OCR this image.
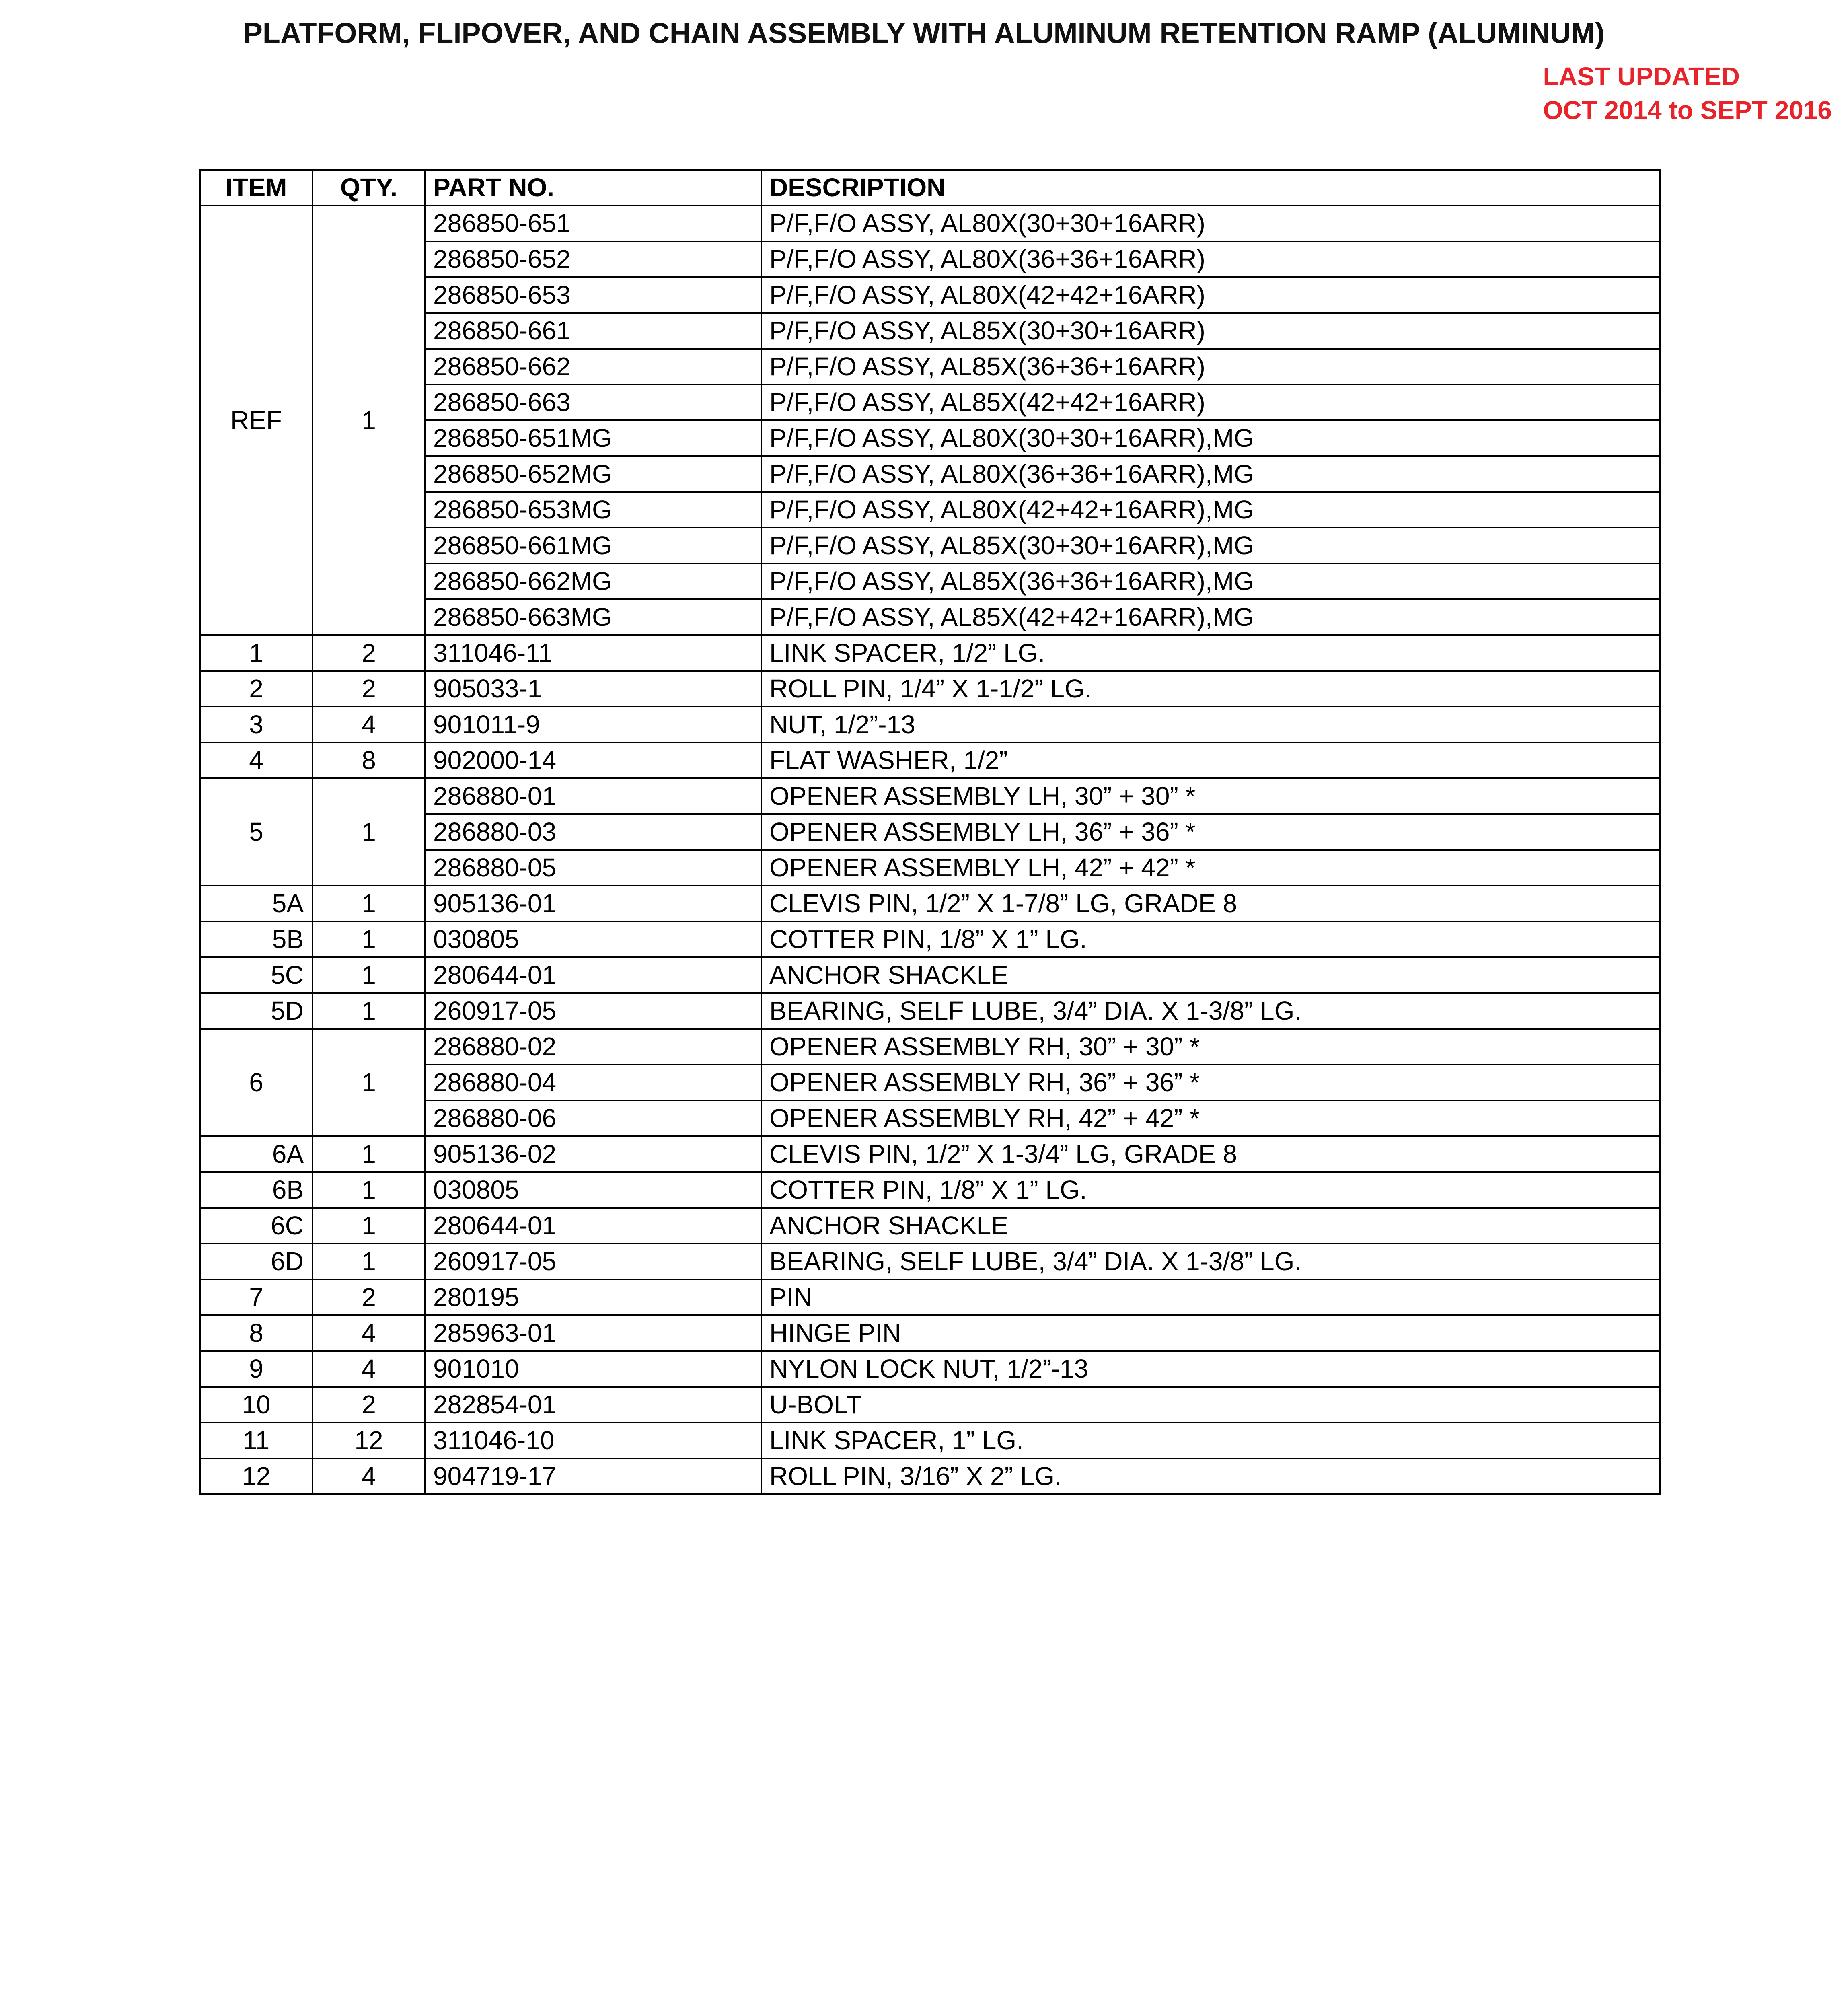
PLATFORM, FLIPOVER, AND CHAIN ASSEMBLY WITH ALUMINUM RETENTION RAMP (ALUMINUM)
LAST UPDATED
OCT 2014 to SEPT 2016
ITEM	QTY.	PART NO.	DESCRIPTION
REF	1	286850-651	P/F,F/O ASSY, AL80X(30+30+16ARR)
		286850-652	P/F,F/O ASSY, AL80X(36+36+16ARR)
		286850-653	P/F,F/O ASSY, AL80X(42+42+16ARR)
		286850-661	P/F,F/O ASSY, AL85X(30+30+16ARR)
		286850-662	P/F,F/O ASSY, AL85X(36+36+16ARR)
		286850-663	P/F,F/O ASSY, AL85X(42+42+16ARR)
		286850-651MG	P/F,F/O ASSY, AL80X(30+30+16ARR),MG
		286850-652MG	P/F,F/O ASSY, AL80X(36+36+16ARR),MG
		286850-653MG	P/F,F/O ASSY, AL80X(42+42+16ARR),MG
		286850-661MG	P/F,F/O ASSY, AL85X(30+30+16ARR),MG
		286850-662MG	P/F,F/O ASSY, AL85X(36+36+16ARR),MG
		286850-663MG	P/F,F/O ASSY, AL85X(42+42+16ARR),MG
1	2	311046-11	LINK SPACER, 1/2” LG.
2	2	905033-1	ROLL PIN, 1/4” X 1-1/2” LG.
3	4	901011-9	NUT, 1/2”-13
4	8	902000-14	FLAT WASHER, 1/2”
5	1	286880-01	OPENER ASSEMBLY LH, 30” + 30” *
		286880-03	OPENER ASSEMBLY LH, 36” + 36” *
		286880-05	OPENER ASSEMBLY LH, 42” + 42” *
5A	1	905136-01	CLEVIS PIN, 1/2” X 1-7/8” LG, GRADE 8
5B	1	030805	COTTER PIN, 1/8” X 1” LG.
5C	1	280644-01	ANCHOR SHACKLE
5D	1	260917-05	BEARING, SELF LUBE, 3/4” DIA. X 1-3/8” LG.
6	1	286880-02	OPENER ASSEMBLY RH, 30” + 30” *
		286880-04	OPENER ASSEMBLY RH, 36” + 36” *
		286880-06	OPENER ASSEMBLY RH, 42” + 42” *
6A	1	905136-02	CLEVIS PIN, 1/2” X 1-3/4” LG, GRADE 8
6B	1	030805	COTTER PIN, 1/8” X 1” LG.
6C	1	280644-01	ANCHOR SHACKLE
6D	1	260917-05	BEARING, SELF LUBE, 3/4” DIA. X 1-3/8” LG.
7	2	280195	PIN
8	4	285963-01	HINGE PIN
9	4	901010	NYLON LOCK NUT, 1/2”-13
10	2	282854-01	U-BOLT
11	12	311046-10	LINK SPACER, 1” LG.
12	4	904719-17	ROLL PIN, 3/16” X 2” LG.
